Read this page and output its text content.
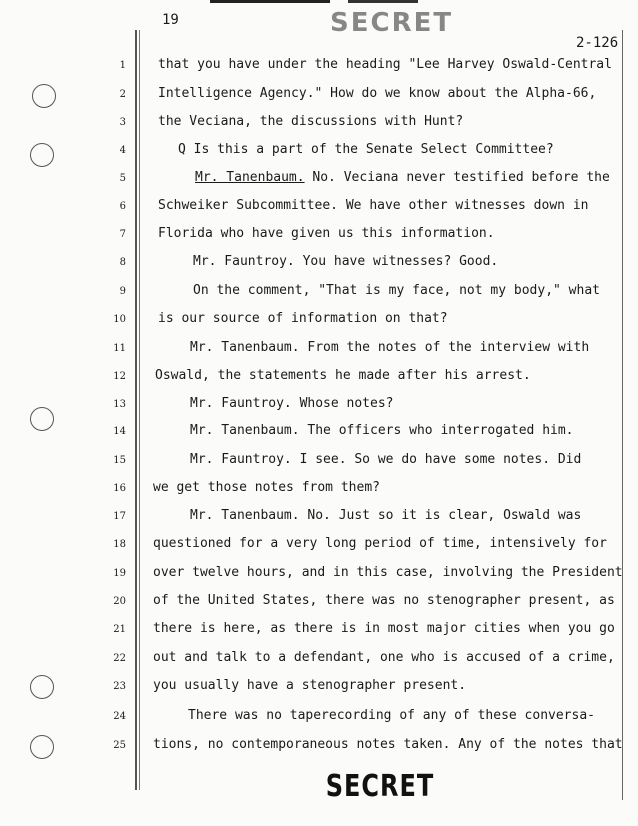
SECRET
19
2-126
1 that you have under the heading "Lee Harvey Oswald-Central
2 Intelligence Agency." How do we know about the Alpha-66,
3 the Veciana, the discussions with Hunt?
4	Q Is this a part of the Senate Select Committee?
5	Mr. Tanenbaum. No. Veciana never testified before the
6 Schweiker Subcommittee. We have other witnesses down in
7 Florida who have given us this information.
8	Mr. Fauntroy. You have witnesses? Good.
9	On the comment, "That is my face, not my body," what
10 is our source of information on that?
11	Mr. Tanenbaum. From the notes of the interview with
12 Oswald, the statements he made after his arrest.
13	Mr. Fauntroy. Whose notes?
14	Mr. Tanenbaum. The officers who interrogated him.
15	Mr. Fauntroy. I see. So we do have some notes. Did
16 we get those notes from them?
17	Mr. Tanenbaum. No. Just so it is clear, Oswald was
18 questioned for a very long period of time, intensively for
19 over twelve hours, and in this case, involving the President
20 of the United States, there was no stenographer present, as
21 there is here, as there is in most major cities when you go
22 out and talk to a defendant, one who is accused of a crime,
23 you usually have a stenographer present.
24	There was no taperecording of any of these conversa-
25 tions, no contemporaneous notes taken. Any of the notes that
SECRET
